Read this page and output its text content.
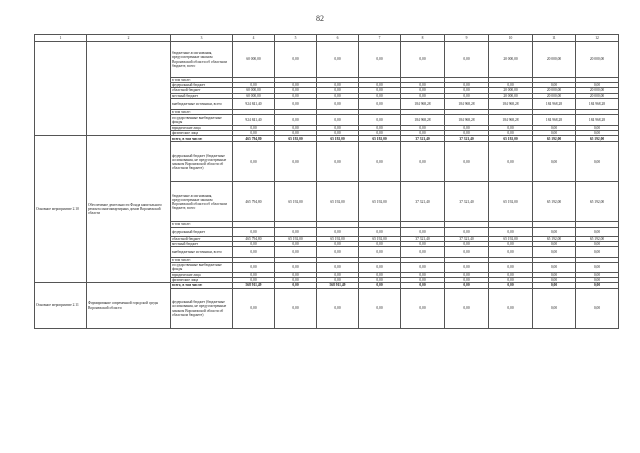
82
1	2	3	4	5	6	7	8	9	10	11	12
		бюджетные ассигнования, предусмотренные законом Воронежской области об областном бюджете, всего	60 000,00	0,00	0,00	0,00	0,00	0,00	20 000,00	20 000,00	20 000,00
		в том числе:									
		федеральный бюджет	0,00	0,00	0,00	0,00	0,00	0,00	0,00	0,00	0,00
		областной бюджет	60 000,00	0,00	0,00	0,00	0,00	0,00	20 000,00	20 000,00	20 000,00
		местный бюджет	60 000,00	0,00	0,00	0,00	0,00	0,00	20 000,00	20 000,00	20 000,00
		внебюджетные источники, всего	924 841,40	0,00	0,00	0,00	184 968,28	184 968,28	184 968,28	184 968,28	184 968,28
		в том числе:									
		государственные внебюджетные фонды	924 841,40	0,00	0,00	0,00	184 968,28	184 968,28	184 968,28	184 968,28	184 968,28
		юридические лица	0,00	0,00	0,00	0,00	0,00	0,00	0,00	0,00	0,00
		физические лица	0,00	0,00	0,00	0,00	0,00	0,00	0,00	0,00	0,00
Основное мероприятие 2.10	Обеспечение деятельности Фонда капитального ремонта многоквартирных домов Воронежской области	всего, в том числе:	465 794,80	65 192,00	65 192,00	65 192,00	37 321,40	37 321,40	65 192,00	65 192,00	65 192,00
		федеральный бюджет (бюджетные ассигнования, не предусмотренные законом Воронежской области об областном бюджете)	0,00	0,00	0,00	0,00	0,00	0,00	0,00	0,00	0,00
		бюджетные ассигнования, предусмотренные законом Воронежской области об областном бюджете, всего	465 794,80	65 192,00	65 192,00	65 192,00	37 321,40	37 321,40	65 192,00	65 192,00	65 192,00
		в том числе:									
		федеральный бюджет	0,00	0,00	0,00	0,00	0,00	0,00	0,00	0,00	0,00
		областной бюджет	465 794,80	65 192,00	65 192,00	65 192,00	37 321,40	37 321,40	65 192,00	65 192,00	65 192,00
		местный бюджет	0,00	0,00	0,00	0,00	0,00	0,00	0,00	0,00	0,00
		внебюджетные источники, всего	0,00	0,00	0,00	0,00	0,00	0,00	0,00	0,00	0,00
		в том числе:									
		государственные внебюджетные фонды	0,00	0,00	0,00	0,00	0,00	0,00	0,00	0,00	0,00
		юридические лица	0,00	0,00	0,00	0,00	0,00	0,00	0,00	0,00	0,00
		физические лица	0,00	0,00	0,00	0,00	0,00	0,00	0,00	0,00	0,00
Основное мероприятие 2.11	Формирование современной городской среды Воронежской области	всего, в том числе:	568 911,49	0,00	568 911,49	0,00	0,00	0,00	0,00	0,00	0,00
		федеральный бюджет (бюджетные ассигнования, не предусмотренные законом Воронежской области об областном бюджете)	0,00	0,00	0,00	0,00	0,00	0,00	0,00	0,00	0,00
